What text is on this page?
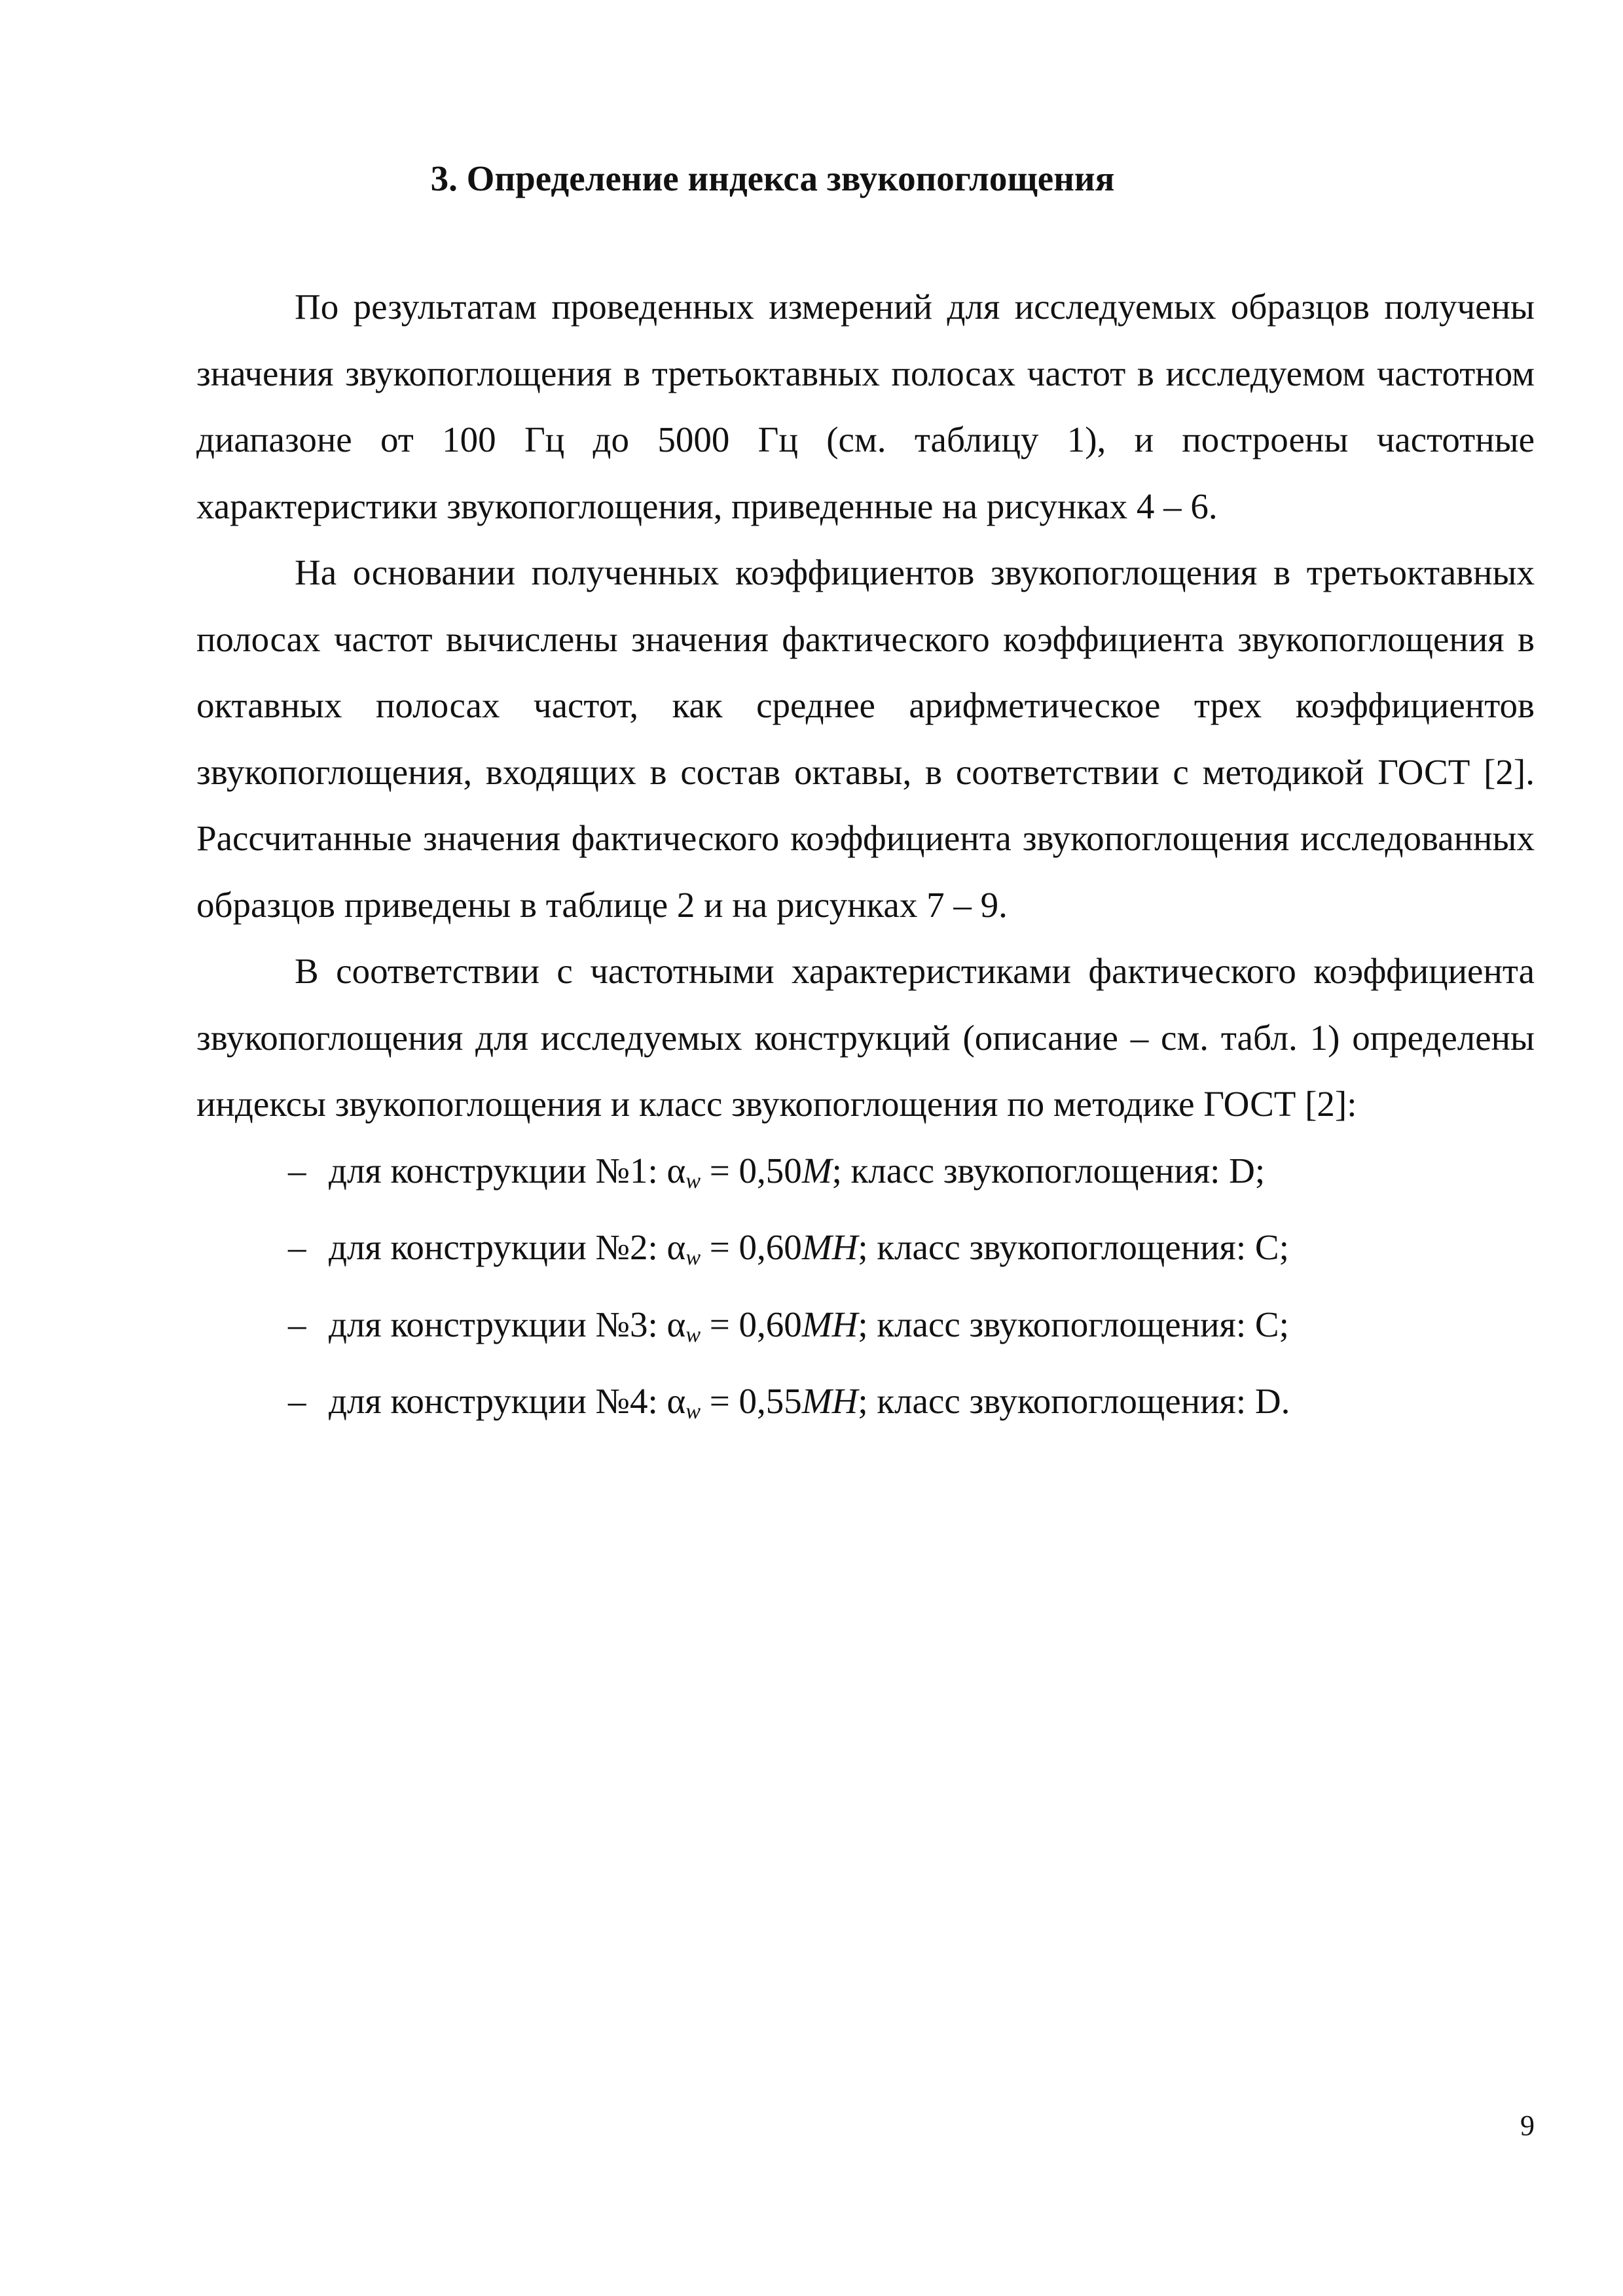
3. Определение индекса звукопоглощения

По результатам проведенных измерений для исследуемых образцов получены значения звукопоглощения в третьоктавных полосах частот в исследуемом частотном диапазоне от 100 Гц до 5000 Гц (см. таблицу 1), и построены частотные характеристики звукопоглощения, приведенные на рисунках 4 – 6.

На основании полученных коэффициентов звукопоглощения в третьоктавных полосах частот вычислены значения фактического коэффициента звукопоглощения в октавных полосах частот, как среднее арифметическое трех коэффициентов звукопоглощения, входящих в состав октавы, в соответствии с методикой ГОСТ [2]. Рассчитанные значения фактического коэффициента звукопоглощения исследованных образцов приведены в таблице 2 и на рисунках 7 – 9.

В соответствии с частотными характеристиками фактического коэффициента звукопоглощения для исследуемых конструкций (описание – см. табл. 1) определены индексы звукопоглощения и класс звукопоглощения по методике ГОСТ [2]:

– для конструкции №1: αw = 0,50M; класс звукопоглощения: D;
– для конструкции №2: αw = 0,60MH; класс звукопоглощения: C;
– для конструкции №3: αw = 0,60MH; класс звукопоглощения: C;
– для конструкции №4: αw = 0,55MH; класс звукопоглощения: D.
9
